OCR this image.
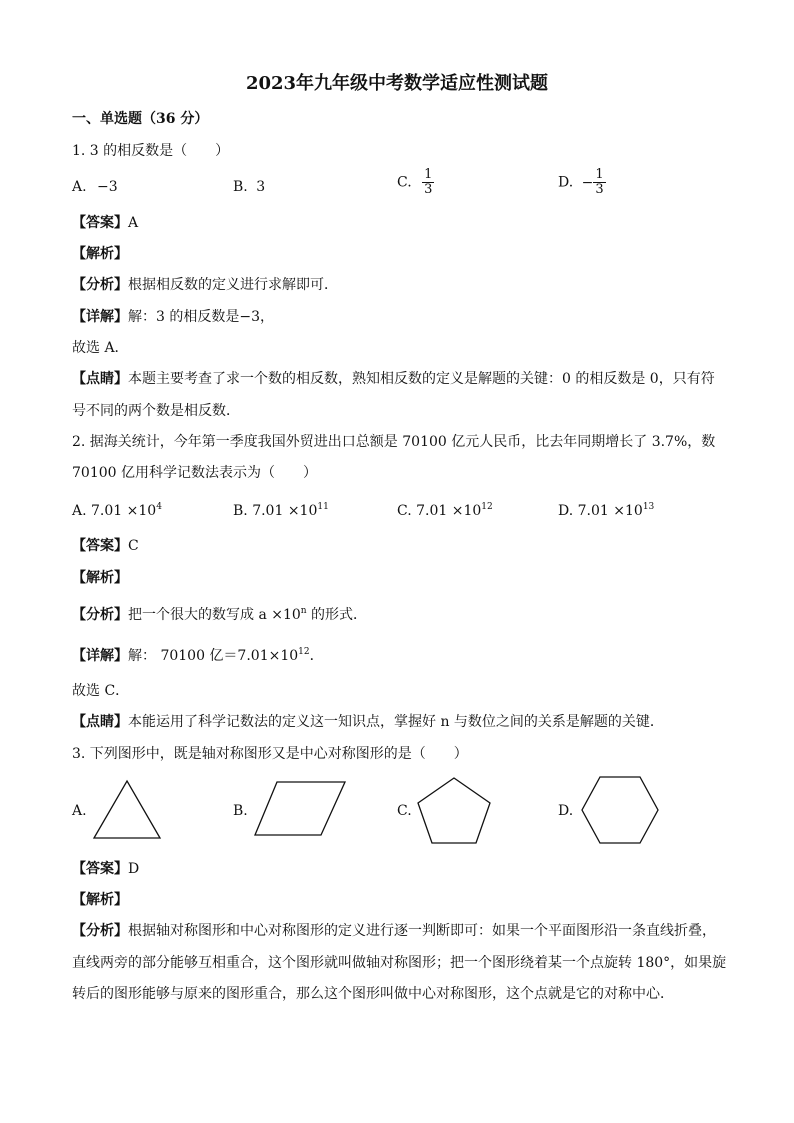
2023年九年级中考数学适应性测试题
一、单选题（36 分）
1. 3 的相反数是（　　）
A. −3	B. 3	C. $\frac{1}{3}$	D. − $\frac{1}{3}$
【答案】A
【解析】
【分析】根据相反数的定义进行求解即可．
【详解】解：3 的相反数是−3，
故选 A．
【点睛】本题主要考查了求一个数的相反数，熟知相反数的定义是解题的关键：0 的相反数是 0，只有符
号不同的两个数是相反数．
2. 据海关统计，今年第一季度我国外贸进出口总额是 70100 亿元人民币，比去年同期增长了 3.7%，数
70100 亿用科学记数法表示为（　　）
A. $7.01 \times 10^4$	B. $7.01 \times 10^{11}$	C. $7.01 \times 10^{12}$	D. $7.01 \times 10^{13}$
【答案】C
【解析】
【分析】把一个很大的数写成 $a \times 10^n$ 的形式．
【详解】解： 70100 亿$=7.01\times 10^{12}$．
故选 C．
【点睛】本能运用了科学记数法的定义这一知识点，掌握好 n 与数位之间的关系是解题的关键．
3. 下列图形中，既是轴对称图形又是中心对称图形的是（　　）
A.	B.	C.	D.
【答案】D
【解析】
【分析】根据轴对称图形和中心对称图形的定义进行逐一判断即可：如果一个平面图形沿一条直线折叠，
直线两旁的部分能够互相重合，这个图形就叫做轴对称图形；把一个图形绕着某一个点旋转 180°，如果旋
转后的图形能够与原来的图形重合，那么这个图形叫做中心对称图形，这个点就是它的对称中心．
